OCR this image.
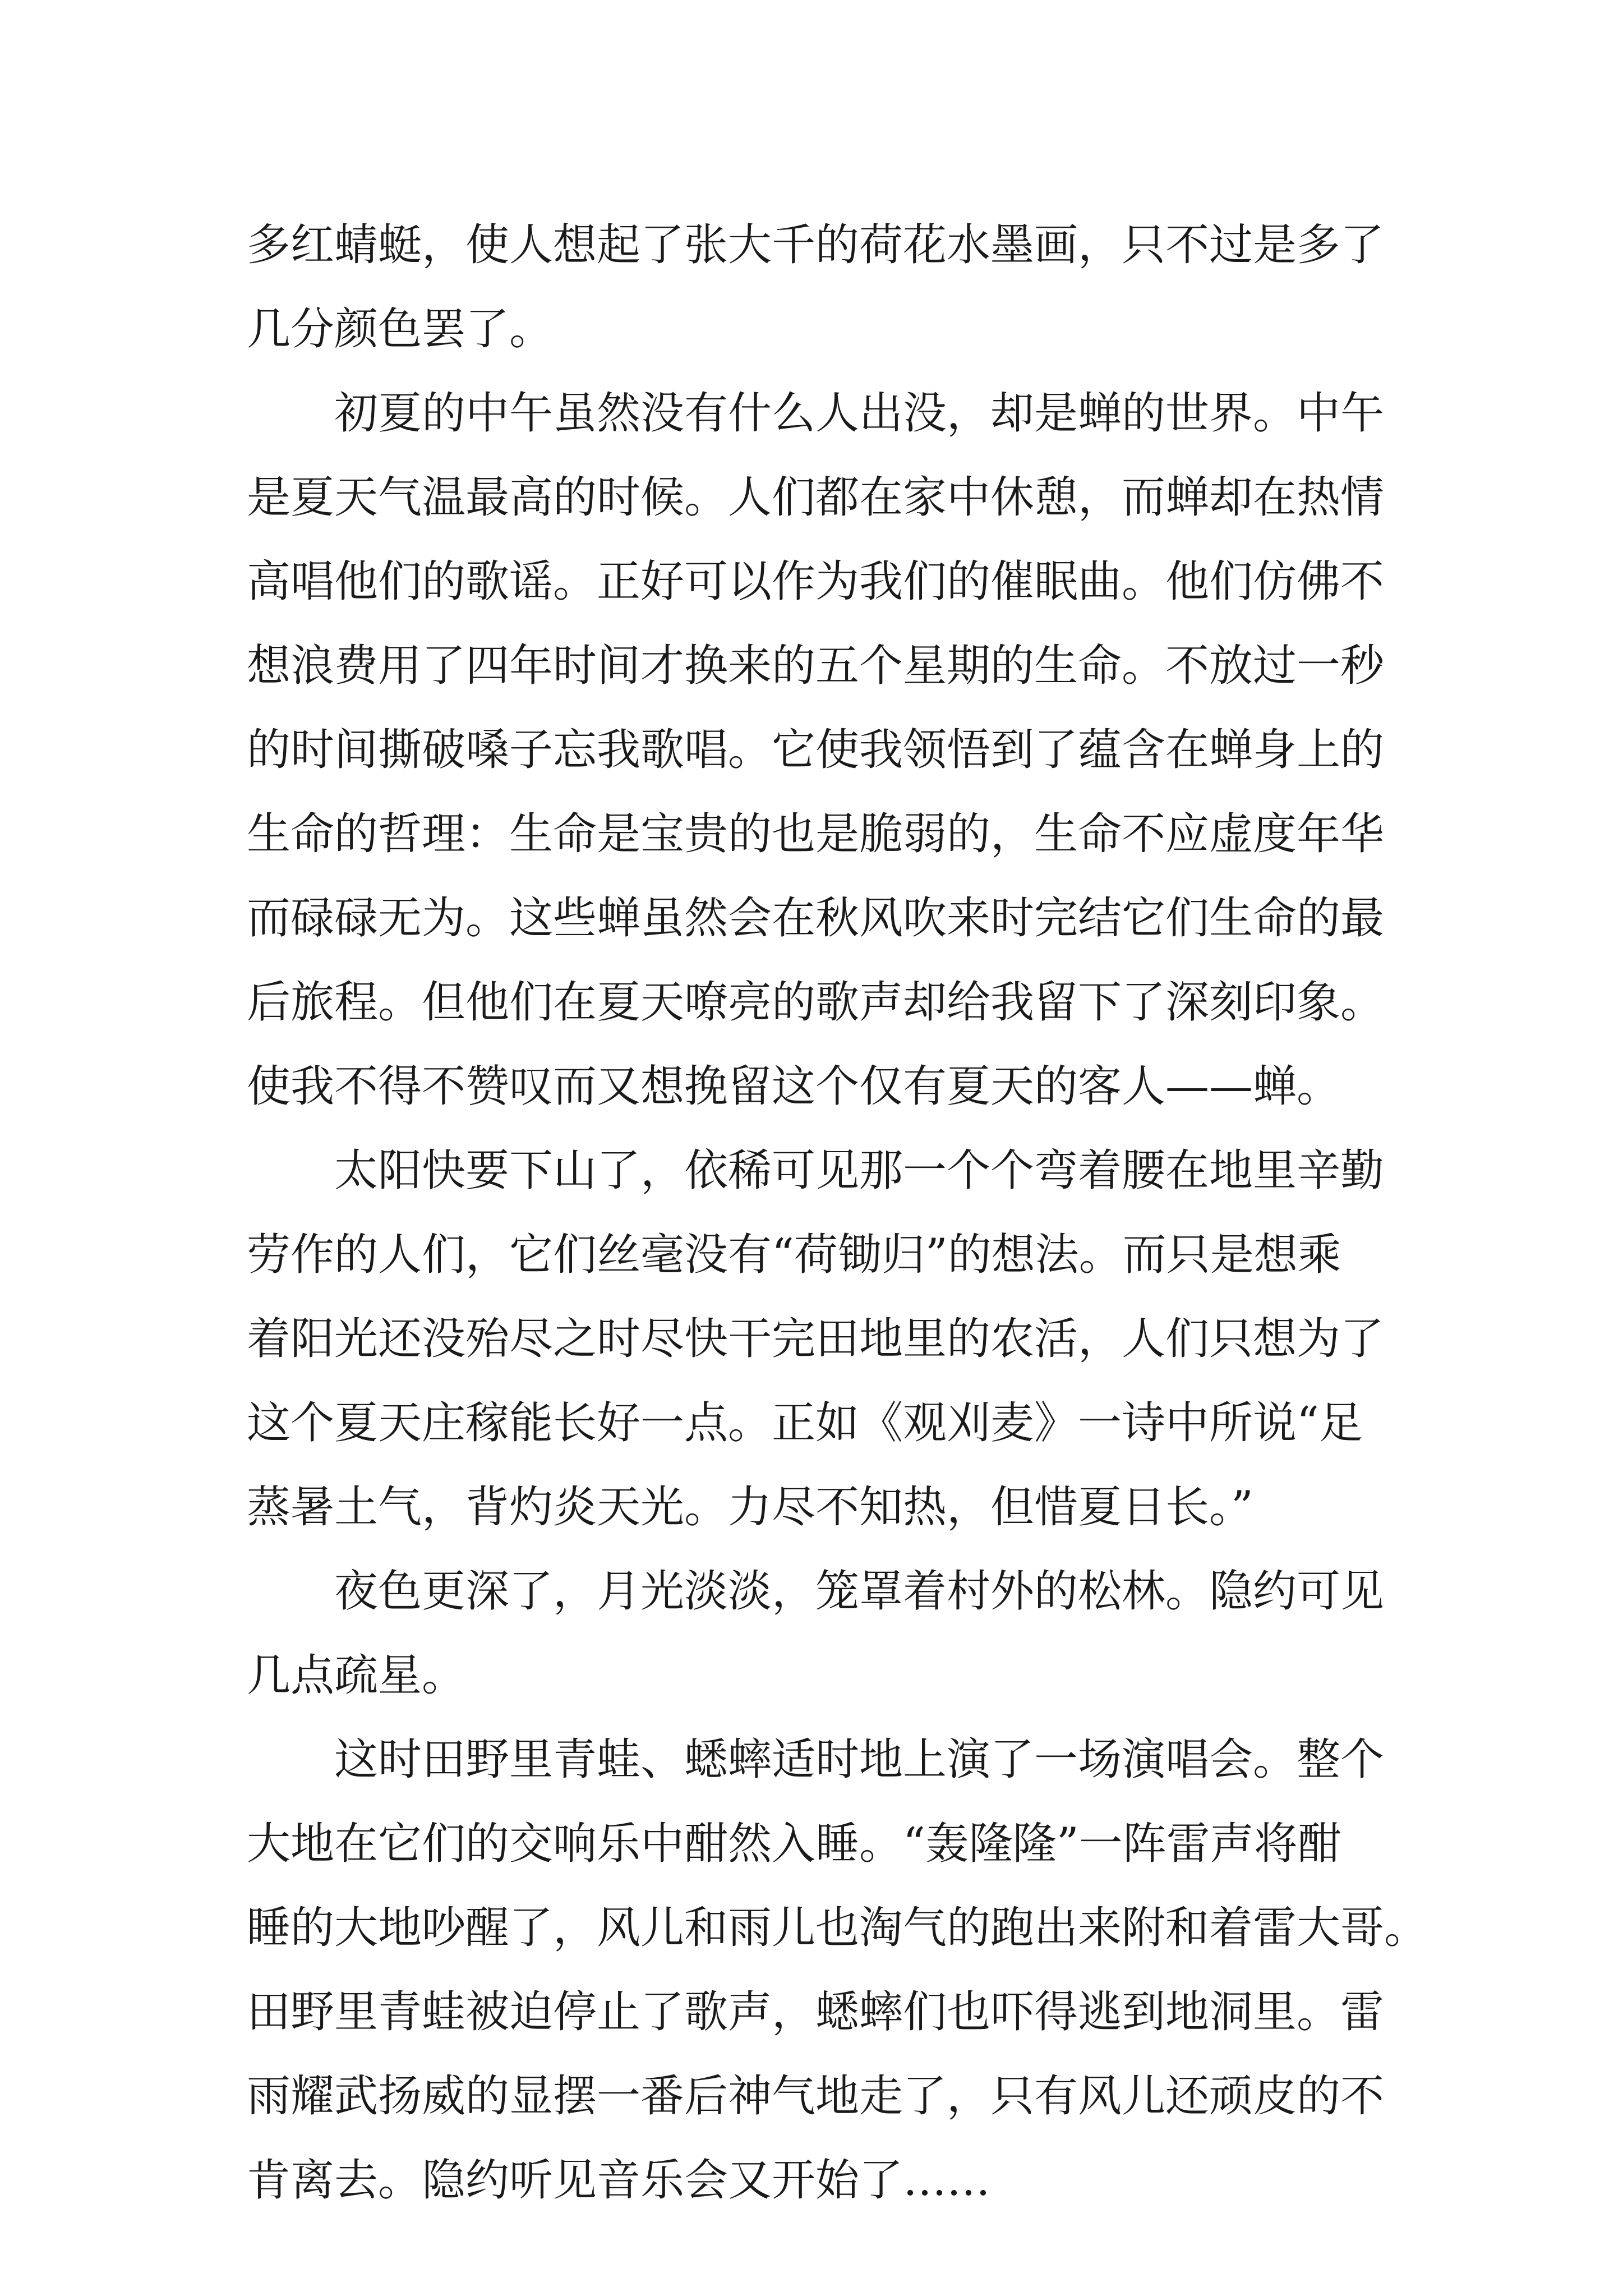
多红蜻蜓，使人想起了张大千的荷花水墨画，只不过是多了
几分颜色罢了。
初夏的中午虽然没有什么人出没，却是蝉的世界。中午
是夏天气温最高的时候。人们都在家中休憩，而蝉却在热情
高唱他们的歌谣。正好可以作为我们的催眠曲。他们仿佛不
想浪费用了四年时间才换来的五个星期的生命。不放过一秒
的时间撕破嗓子忘我歌唱。它使我领悟到了蕴含在蝉身上的
生命的哲理：生命是宝贵的也是脆弱的，生命不应虚度年华
而碌碌无为。这些蝉虽然会在秋风吹来时完结它们生命的最
后旅程。但他们在夏天嘹亮的歌声却给我留下了深刻印象。
使我不得不赞叹而又想挽留这个仅有夏天的客人——蝉。
太阳快要下山了，依稀可见那一个个弯着腰在地里辛勤
劳作的人们，它们丝毫没有“荷锄归”的想法。而只是想乘
着阳光还没殆尽之时尽快干完田地里的农活，人们只想为了
这个夏天庄稼能长好一点。正如《观刈麦》一诗中所说“足
蒸暑土气，背灼炎天光。力尽不知热，但惜夏日长。”
夜色更深了，月光淡淡，笼罩着村外的松林。隐约可见
几点疏星。
这时田野里青蛙、蟋蟀适时地上演了一场演唱会。整个
大地在它们的交响乐中酣然入睡。“轰隆隆”一阵雷声将酣
睡的大地吵醒了，风儿和雨儿也淘气的跑出来附和着雷大哥。
田野里青蛙被迫停止了歌声，蟋蟀们也吓得逃到地洞里。雷
雨耀武扬威的显摆一番后神气地走了，只有风儿还顽皮的不
肯离去。隐约听见音乐会又开始了……
